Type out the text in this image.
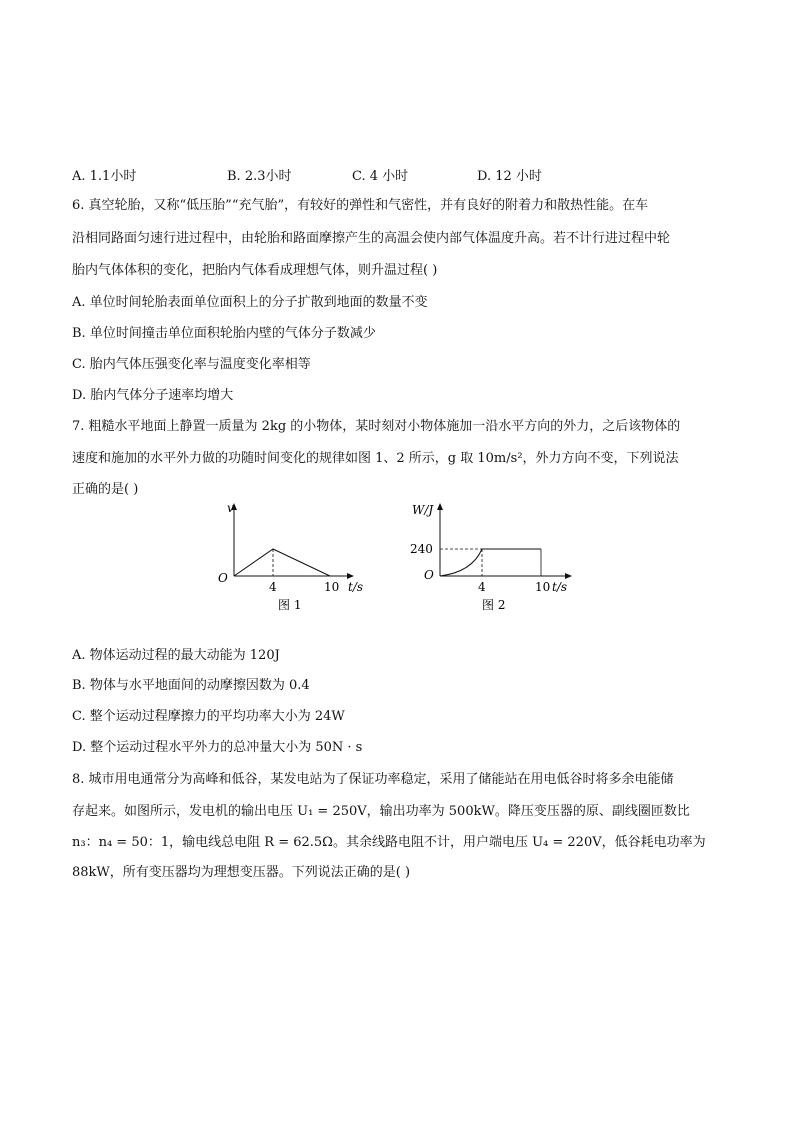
A. 1.1小时	B. 2.3小时	C. 4 小时	D. 12 小时
6. 真空轮胎，又称“低压胎”“充气胎”，有较好的弹性和气密性，并有良好的附着力和散热性能。在车
沿相同路面匀速行进过程中，由轮胎和路面摩擦产生的高温会使内部气体温度升高。若不计行进过程中轮
胎内气体体积的变化，把胎内气体看成理想气体，则升温过程( )
A. 单位时间轮胎表面单位面积上的分子扩散到地面的数量不变
B. 单位时间撞击单位面积轮胎内壁的气体分子数减少
C. 胎内气体压强变化率与温度变化率相等
D. 胎内气体分子速率均增大
7. 粗糙水平地面上静置一质量为 2kg 的小物体，某时刻对小物体施加一沿水平方向的外力，之后该物体的
速度和施加的水平外力做的功随时间变化的规律如图 1、2 所示，g 取 10m/s²，外力方向不变，下列说法
正确的是( )
v
O
4	10 t/s
图 1
W/J
240
O
4	10 t/s
图 2
A. 物体运动过程的最大动能为 120J
B. 物体与水平地面间的动摩擦因数为 0.4
C. 整个运动过程摩擦力的平均功率大小为 24W
D. 整个运动过程水平外力的总冲量大小为 50N · s
8. 城市用电通常分为高峰和低谷，某发电站为了保证功率稳定，采用了储能站在用电低谷时将多余电能储
存起来。如图所示，发电机的输出电压 U₁ = 250V，输出功率为 500kW。降压变压器的原、副线圈匝数比
n₃：n₄ = 50：1，输电线总电阻 R = 62.5Ω。其余线路电阻不计，用户端电压 U₄ = 220V，低谷耗电功率为
88kW，所有变压器均为理想变压器。下列说法正确的是( )
